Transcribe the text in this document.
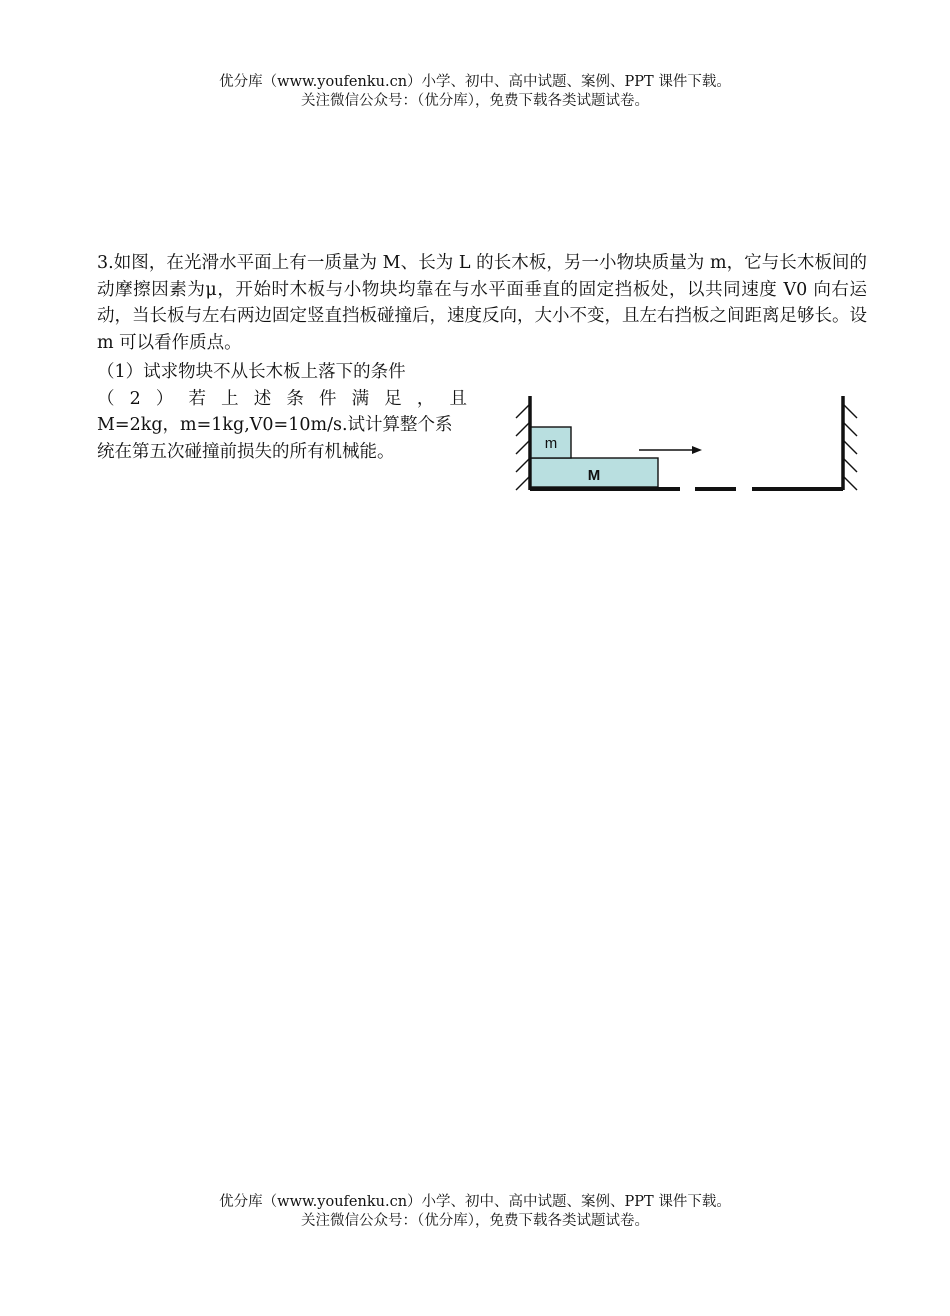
优分库（www.youfenku.cn）小学、初中、高中试题、案例、PPT 课件下载。
关注微信公众号：（优分库），免费下载各类试题试卷。

3.如图，在光滑水平面上有一质量为 M、长为 L 的长木板，另一小物块质量为 m，它与长木板间的动摩擦因素为μ，开始时木板与小物块均靠在与水平面垂直的固定挡板处，以共同速度 V0 向右运动，当长板与左右两边固定竖直挡板碰撞后，速度反向，大小不变，且左右挡板之间距离足够长。设 m 可以看作质点。

（1）试求物块不从长木板上落下的条件
（2）若上述条件满足，且
M=2kg，m=1kg,V0=10m/s.试计算整个系
统在第五次碰撞前损失的所有机械能。
M
m
优分库（www.youfenku.cn）小学、初中、高中试题、案例、PPT 课件下载。
关注微信公众号：（优分库），免费下载各类试题试卷。
